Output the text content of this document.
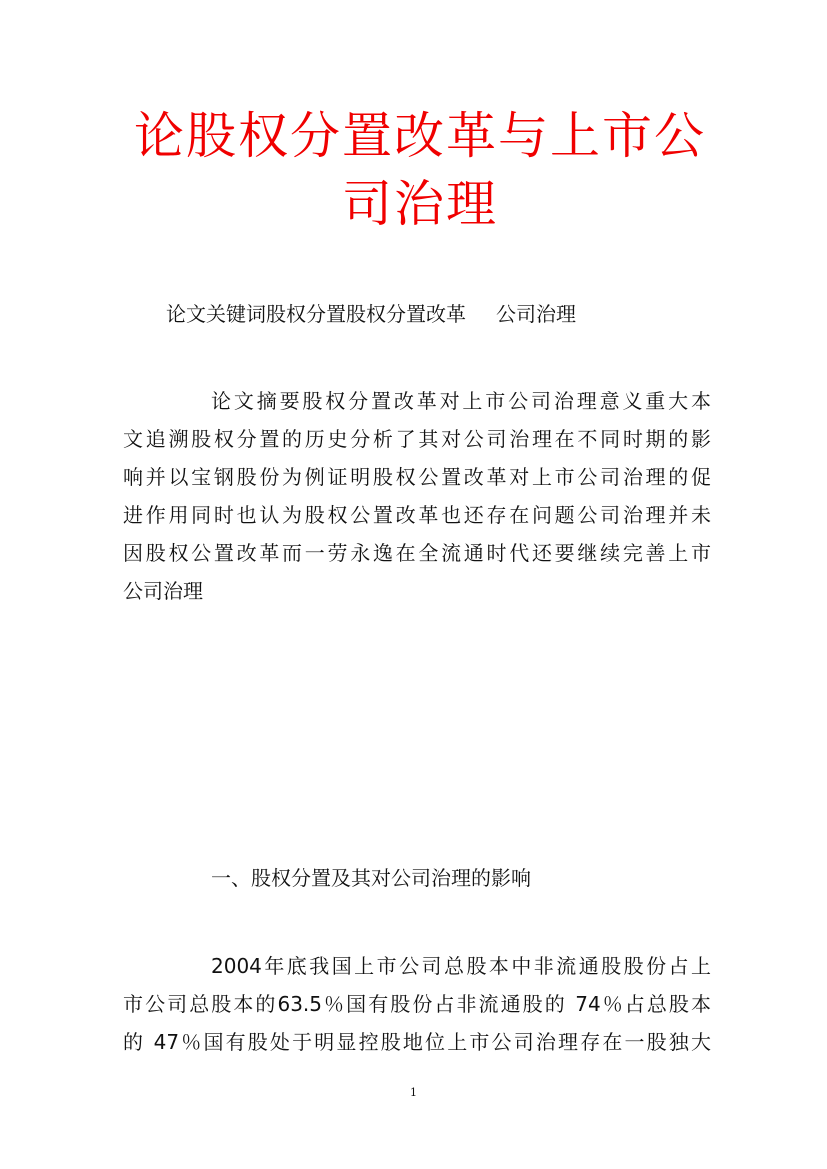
论股权分置改革与上市公
司治理

论文关键词股权分置股权分置改革 公司治理

论文摘要股权分置改革对上市公司治理意义重大本
文追溯股权分置的历史分析了其对公司治理在不同时期的影
响并以宝钢股份为例证明股权公置改革对上市公司治理的促
进作用同时也认为股权公置改革也还存在问题公司治理并未
因股权公置改革而一劳永逸在全流通时代还要继续完善上市
公司治理
一、股权分置及其对公司治理的影响
2004年底我国上市公司总股本中非流通股股份占上
市公司总股本的63.5％国有股份占非流通股的 74％占总股本
的 47％国有股处于明显控股地位上市公司治理存在一股独大
1
